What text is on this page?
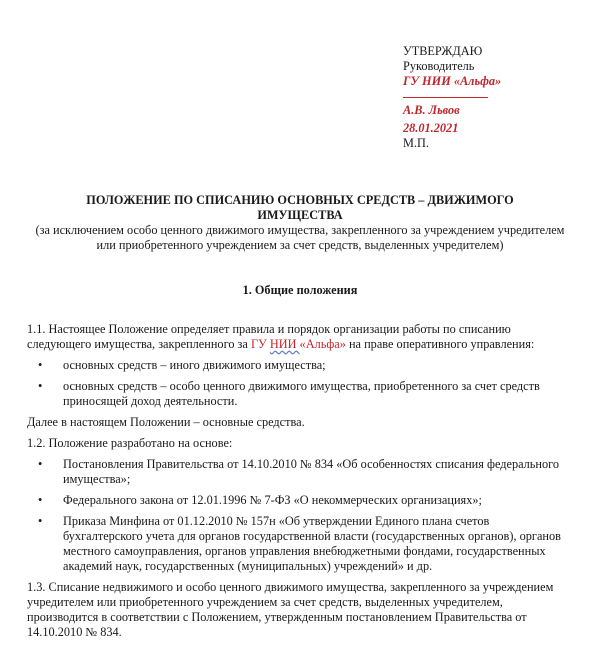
УТВЕРЖДАЮ
Руководитель
ГУ НИИ «Альфа»
А.В. Львов
28.01.2021
М.П.
ПОЛОЖЕНИЕ ПО СПИСАНИЮ ОСНОВНЫХ СРЕДСТВ – ДВИЖИМОГО ИМУЩЕСТВА
(за исключением особо ценного движимого имущества, закрепленного за учреждением учредителем или приобретенного учреждением за счет средств, выделенных учредителем)
1. Общие положения

1.1. Настоящее Положение определяет правила и порядок организации работы по списанию следующего имущества, закрепленного за ГУ НИИ «Альфа» на праве оперативного управления:

• основных средств – иного движимого имущества;
• основных средств – особо ценного движимого имущества, приобретенного за счет средств приносящей доход деятельности.

Далее в настоящем Положении – основные средства.

1.2. Положение разработано на основе:

• Постановления Правительства от 14.10.2010 № 834 «Об особенностях списания федерального имущества»;
• Федерального закона от 12.01.1996 № 7-ФЗ «О некоммерческих организациях»;
• Приказа Минфина от 01.12.2010 № 157н «Об утверждении Единого плана счетов бухгалтерского учета для органов государственной власти (государственных органов), органов местного самоуправления, органов управления внебюджетными фондами, государственных академий наук, государственных (муниципальных) учреждений» и др.

1.3. Списание недвижимого и особо ценного движимого имущества, закрепленного за учреждением учредителем или приобретенного учреждением за счет средств, выделенных учредителем, производится в соответствии с Положением, утвержденным постановлением Правительства от 14.10.2010 № 834.
